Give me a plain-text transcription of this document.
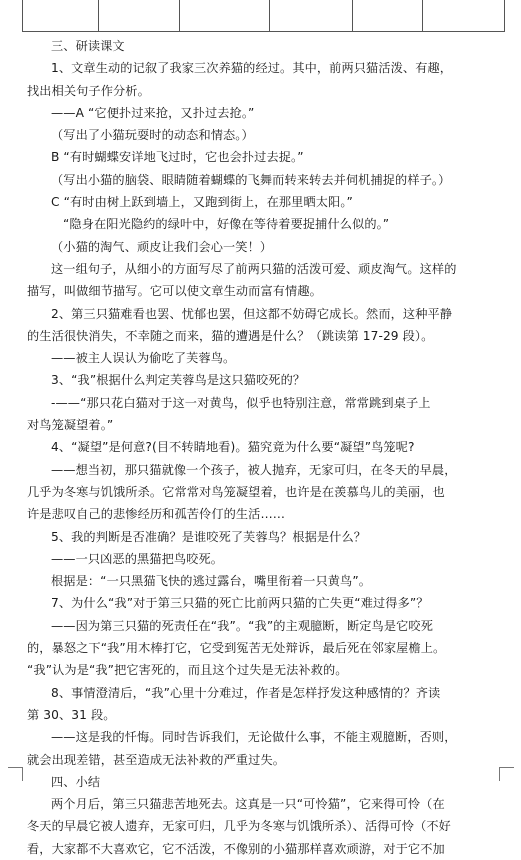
三、研读课文
1、文章生动的记叙了我家三次养猫的经过。其中，前两只猫活泼、有趣，
找出相关句子作分析。
——A “它便扑过来抢，又扑过去抢。”
（写出了小猫玩耍时的动态和情态。）
B “有时蝴蝶安详地飞过时，它也会扑过去捉。”
（写出小猫的脑袋、眼睛随着蝴蝶的飞舞而转来转去并伺机捕捉的样子。）
C “有时由树上跃到墙上，又跑到街上，在那里晒太阳。”
“隐身在阳光隐约的绿叶中，好像在等待着要捉捕什么似的。”
（小猫的淘气、顽皮让我们会心一笑！）
这一组句子，从细小的方面写尽了前两只猫的活泼可爱、顽皮淘气。这样的
描写，叫做细节描写。它可以使文章生动而富有情趣。
2、第三只猫难看也罢、忧郁也罢，但这都不妨碍它成长。然而，这种平静
的生活很快消失，不幸随之而来，猫的遭遇是什么？（跳读第 17-29 段）。
——被主人误认为偷吃了芙蓉鸟。
3、“我”根据什么判定芙蓉鸟是这只猫咬死的？
-——“那只花白猫对于这一对黄鸟，似乎也特别注意，常常跳到桌子上
对鸟笼凝望着。”
4、“凝望”是何意?(目不转睛地看)。猫究竟为什么要“凝望”鸟笼呢?
——想当初，那只猫就像一个孩子，被人抛弃，无家可归，在冬天的早晨，
几乎为冬寒与饥饿所杀。它常常对鸟笼凝望着，也许是在羡慕鸟儿的美丽，也
许是悲叹自己的悲惨经历和孤苦伶仃的生活……
5、我的判断是否准确？是谁咬死了芙蓉鸟？根据是什么？
——一只凶恶的黑猫把鸟咬死。
根据是：“一只黑猫飞快的逃过露台，嘴里衔着一只黄鸟”。
7、为什么“我”对于第三只猫的死亡比前两只猫的亡失更“难过得多”？
——因为第三只猫的死责任在“我”。“我”的主观臆断，断定鸟是它咬死
的，暴怒之下“我”用木棒打它，它受到冤苦无处辩诉，最后死在邻家屋檐上。
“我”认为是“我”把它害死的，而且这个过失是无法补救的。
8、事情澄清后，“我”心里十分难过，作者是怎样抒发这种感情的？齐读
第 30、31 段。
——这是我的忏悔。同时告诉我们，无论做什么事，不能主观臆断，否则，
就会出现差错，甚至造成无法补救的严重过失。
四、小结
两个月后，第三只猫悲苦地死去。这真是一只“可怜猫”，它来得可怜（在
冬天的早晨它被人遗弃，无家可归，几乎为冬寒与饥饿所杀）、活得可怜（不好
看，大家都不大喜欢它，它不活泼，不像别的小猫那样喜欢顽游，对于它不加
